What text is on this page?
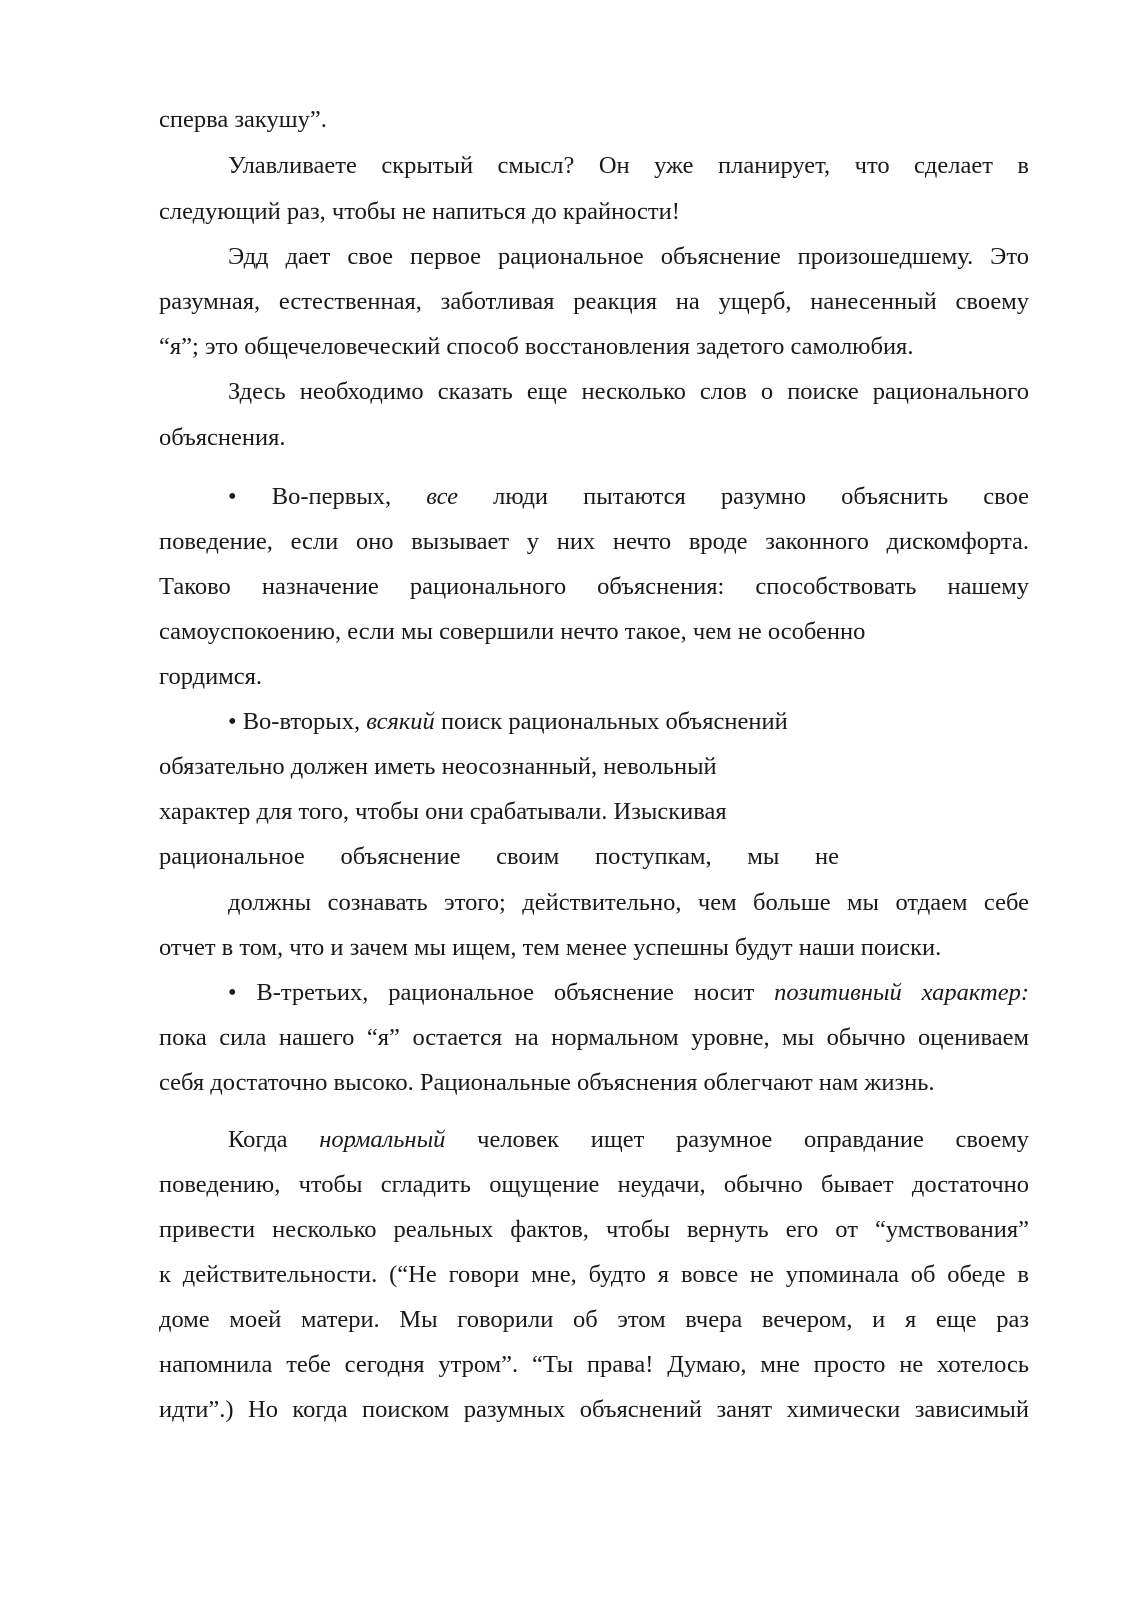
сперва закушу”.
Улавливаете скрытый смысл? Он уже планирует, что сделает в
следующий раз, чтобы не напиться до крайности!
Эдд дает свое первое рациональное объяснение произошедшему. Это
разумная, естественная, заботливая реакция на ущерб, нанесенный своему
“я”; это общечеловеческий способ восстановления задетого самолюбия.
Здесь необходимо сказать еще несколько слов о поиске рационального
объяснения.
• Во-первых, все люди пытаются разумно объяснить свое
поведение, если оно вызывает у них нечто вроде законного дискомфорта.
Таково назначение рационального объяснения: способствовать нашему
самоуспокоению, если мы совершили нечто такое, чем не особенно
гордимся.
• Во-вторых, всякий поиск рациональных объяснений
обязательно должен иметь неосознанный, невольный
характер для того, чтобы они срабатывали. Изыскивая
рациональное объяснение своим поступкам, мы не
должны сознавать этого; действительно, чем больше мы отдаем себе
отчет в том, что и зачем мы ищем, тем менее успешны будут наши поиски.
• В-третьих, рациональное объяснение носит позитивный характер:
пока сила нашего “я” остается на нормальном уровне, мы обычно оцениваем
себя достаточно высоко. Рациональные объяснения облегчают нам жизнь.
Когда нормальный человек ищет разумное оправдание своему
поведению, чтобы сгладить ощущение неудачи, обычно бывает достаточно
привести несколько реальных фактов, чтобы вернуть его от “умствования”
к действительности. (“Не говори мне, будто я вовсе не упоминала об обеде в
доме моей матери. Мы говорили об этом вчера вечером, и я еще раз
напомнила тебе сегодня утром”. “Ты права! Думаю, мне просто не хотелось
идти”.) Но когда поиском разумных объяснений занят химически зависимый
